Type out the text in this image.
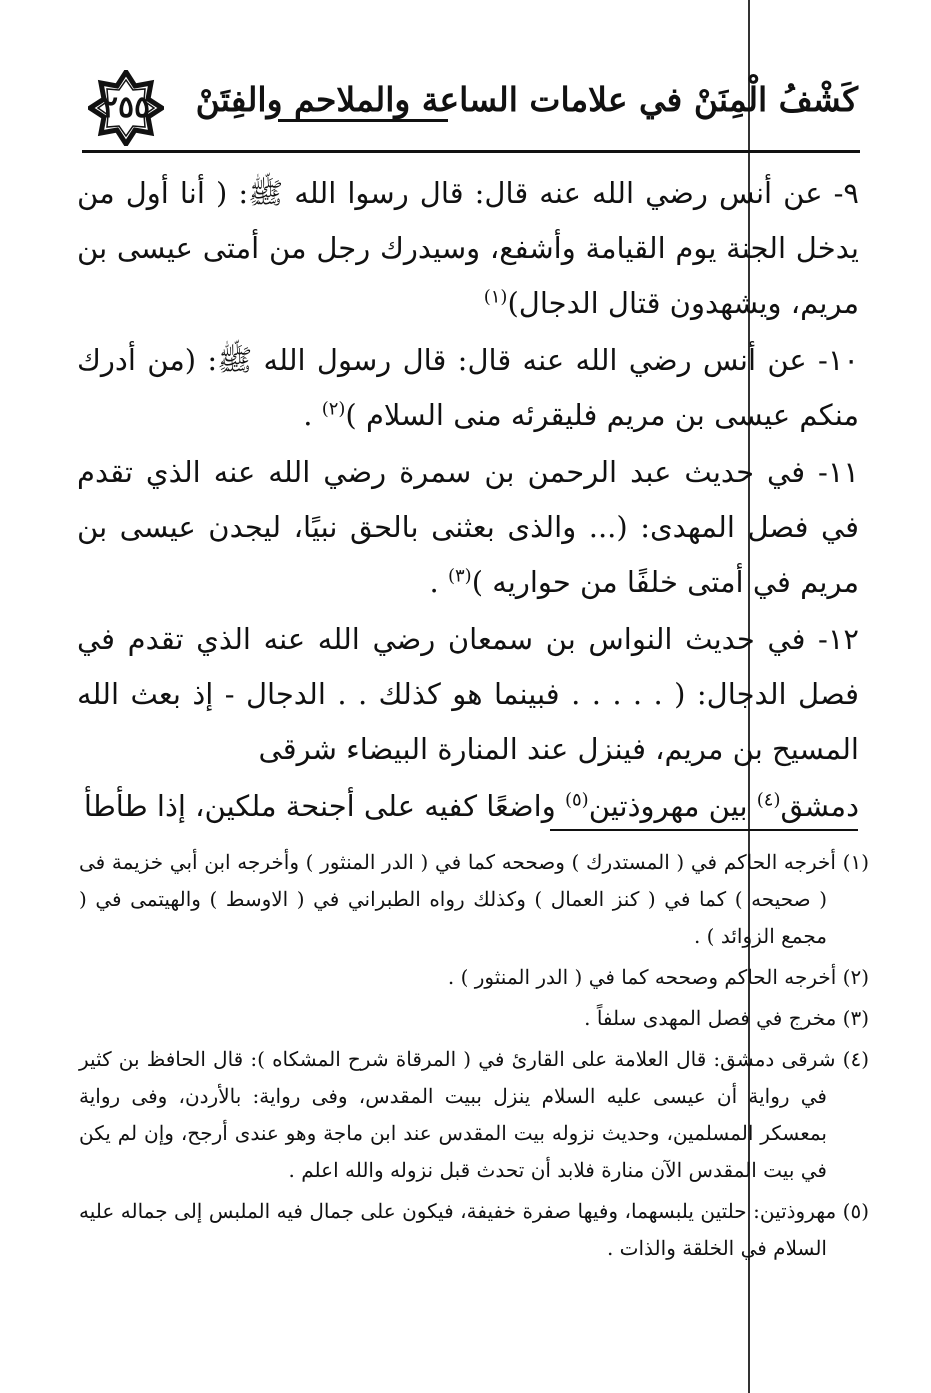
كَشْفُ الْمِنَنْ في علامات الساعة والملاحم والفِتَنْ
٢٥٥

٩- عن أنس رضي الله عنه قال: قال رسوا الله ﷺ: ( أنا أول من يدخل الجنة يوم القيامة وأشفع، وسيدرك رجل من أمتى عيسى بن مريم، ويشهدون قتال الدجال)$^{(١)}$

١٠- عن أنس رضي الله عنه قال: قال رسول الله ﷺ: (من أدرك منكم عيسى بن مريم فليقرئه منى السلام )$^{(٢)}$ .

١١- في حديث عبد الرحمن بن سمرة رضي الله عنه الذي تقدم في فصل المهدى: (... والذى بعثنى بالحق نبيًا، ليجدن عيسى بن مريم في أمتى خلفًا من حواريه )$^{(٣)}$ .

١٢- في حديث النواس بن سمعان رضي الله عنه الذي تقدم في فصل الدجال: ( . . . . . فبينما هو كذلك . . الدجال - إذ بعث الله المسيح بن مريم، فينزل عند المنارة البيضاء شرقى

دمشق$^{(٤)}$ بين مهروذتين$^{(٥)}$ واضعًا كفيه على أجنحة ملكين، إذا طأطأ

(١) أخرجه الحاكم في ( المستدرك ) وصححه كما في ( الدر المنثور ) وأخرجه ابن أبي خزيمة فى ( صحيحه ) كما في ( كنز العمال ) وكذلك رواه الطبراني في ( الاوسط ) والهيتمى في ( مجمع الزوائد ) .

(٢) أخرجه الحاكم وصححه كما في ( الدر المنثور ) .

(٣) مخرج في فصل المهدى سلفاً .

(٤) شرقى دمشق: قال العلامة على القارئ في ( المرقاة شرح المشكاه ): قال الحافظ بن كثير في رواية أن عيسى عليه السلام ينزل ببيت المقدس، وفى رواية: بالأردن، وفى رواية بمعسكر المسلمين، وحديث نزوله بيت المقدس عند ابن ماجة وهو عندى أرجح، وإن لم يكن في بيت المقدس الآن منارة فلابد أن تحدث قبل نزوله والله اعلم .

(٥) مهروذتين: حلتين يلبسهما، وفيها صفرة خفيفة، فيكون على جمال فيه الملبس إلى جماله عليه السلام في الخلقة والذات .
